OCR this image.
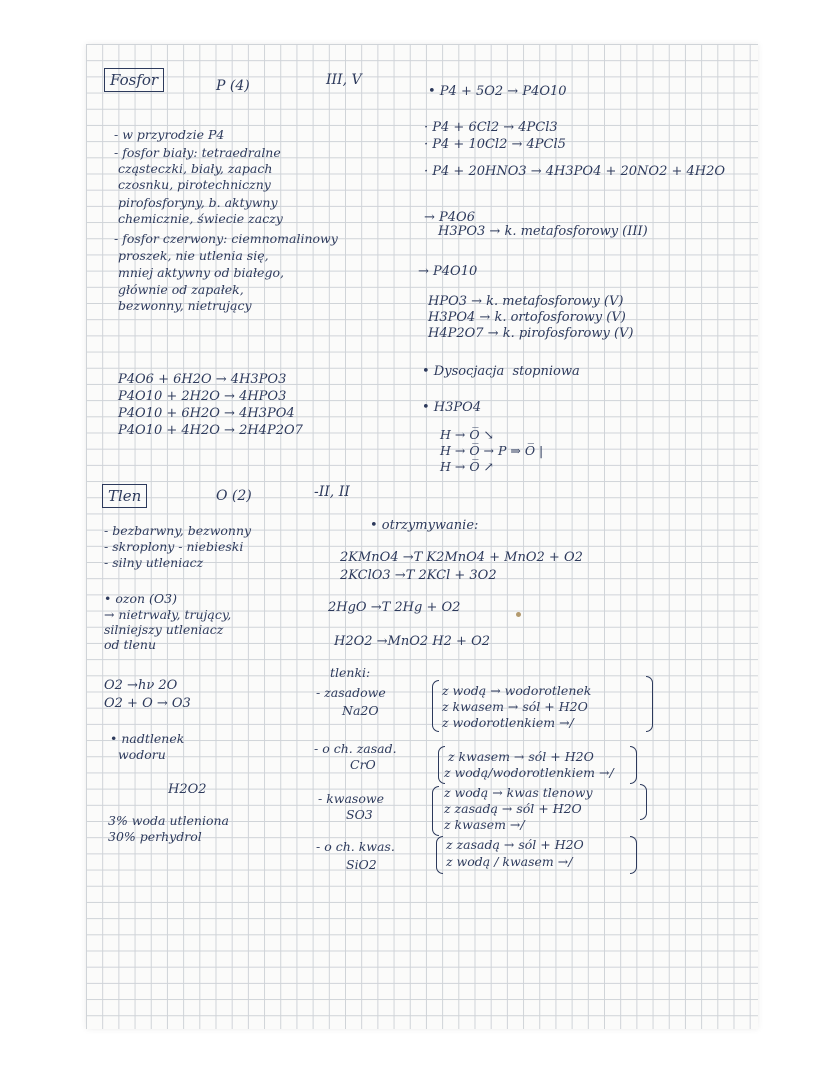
Fosfor	P (4)	III, V
- w przyrodzie P4
- fosfor biały: tetraedralne
cząsteczki, biały, zapach
czosnku, pirotechniczny
pirofosforyny, b. aktywny
chemicznie, świecie zaczy
- fosfor czerwony: ciemnomalinowy
proszek, nie utlenia się,
mniej aktywny od białego,
głównie od zapałek,
bezwonny, nietrujący
• P4 + 5O2 → P4O10
· P4 + 6Cl2 → 4PCl3
· P4 + 10Cl2 → 4PCl5
· P4 + 20HNO3 → 4H3PO4 + 20NO2 + 4H2O
→ P4O6
H3PO3 → k. metafosforowy (III)
→ P4O10
HPO3 → k. metafosforowy (V)
H3PO4 → k. ortofosforowy (V)
H4P2O7 → k. pirofosforowy (V)
• Dysocjacja  stopniowa
• H3PO4
H → O̅ ↘
H → O̅ → P ⇒ O̅ |
H → O̅ ↗
P4O6 + 6H2O → 4H3PO3
P4O10 + 2H2O → 4HPO3
P4O10 + 6H2O → 4H3PO4
P4O10 + 4H2O → 2H4P2O7
Tlen	O (2)	-II, II
- bezbarwny, bezwonny
- skroplony - niebieski
- silny utleniacz
• ozon (O3)
→ nietrwały, trujący,
silniejszy utleniacz
od tlenu
O2 →hν 2O
O2 + O → O3
• nadtlenek
wodoru
H2O2
3% woda utleniona
30% perhydrol
• otrzymywanie:
2KMnO4 →T K2MnO4 + MnO2 + O2
2KClO3 →T 2KCl + 3O2
2HgO →T 2Hg + O2
H2O2 →MnO2 H2 + O2
tlenki:
- zasadowe
Na2O
z wodą → wodorotlenek
z kwasem → sól + H2O
z wodorotlenkiem →/
- o ch. zasad.
CrO
z kwasem → sól + H2O
z wodą/wodorotlenkiem →/
- kwasowe
SO3
z wodą → kwas tlenowy
z zasadą → sól + H2O
z kwasem →/
- o ch. kwas.
SiO2
z zasadą → sól + H2O
z wodą / kwasem →/
